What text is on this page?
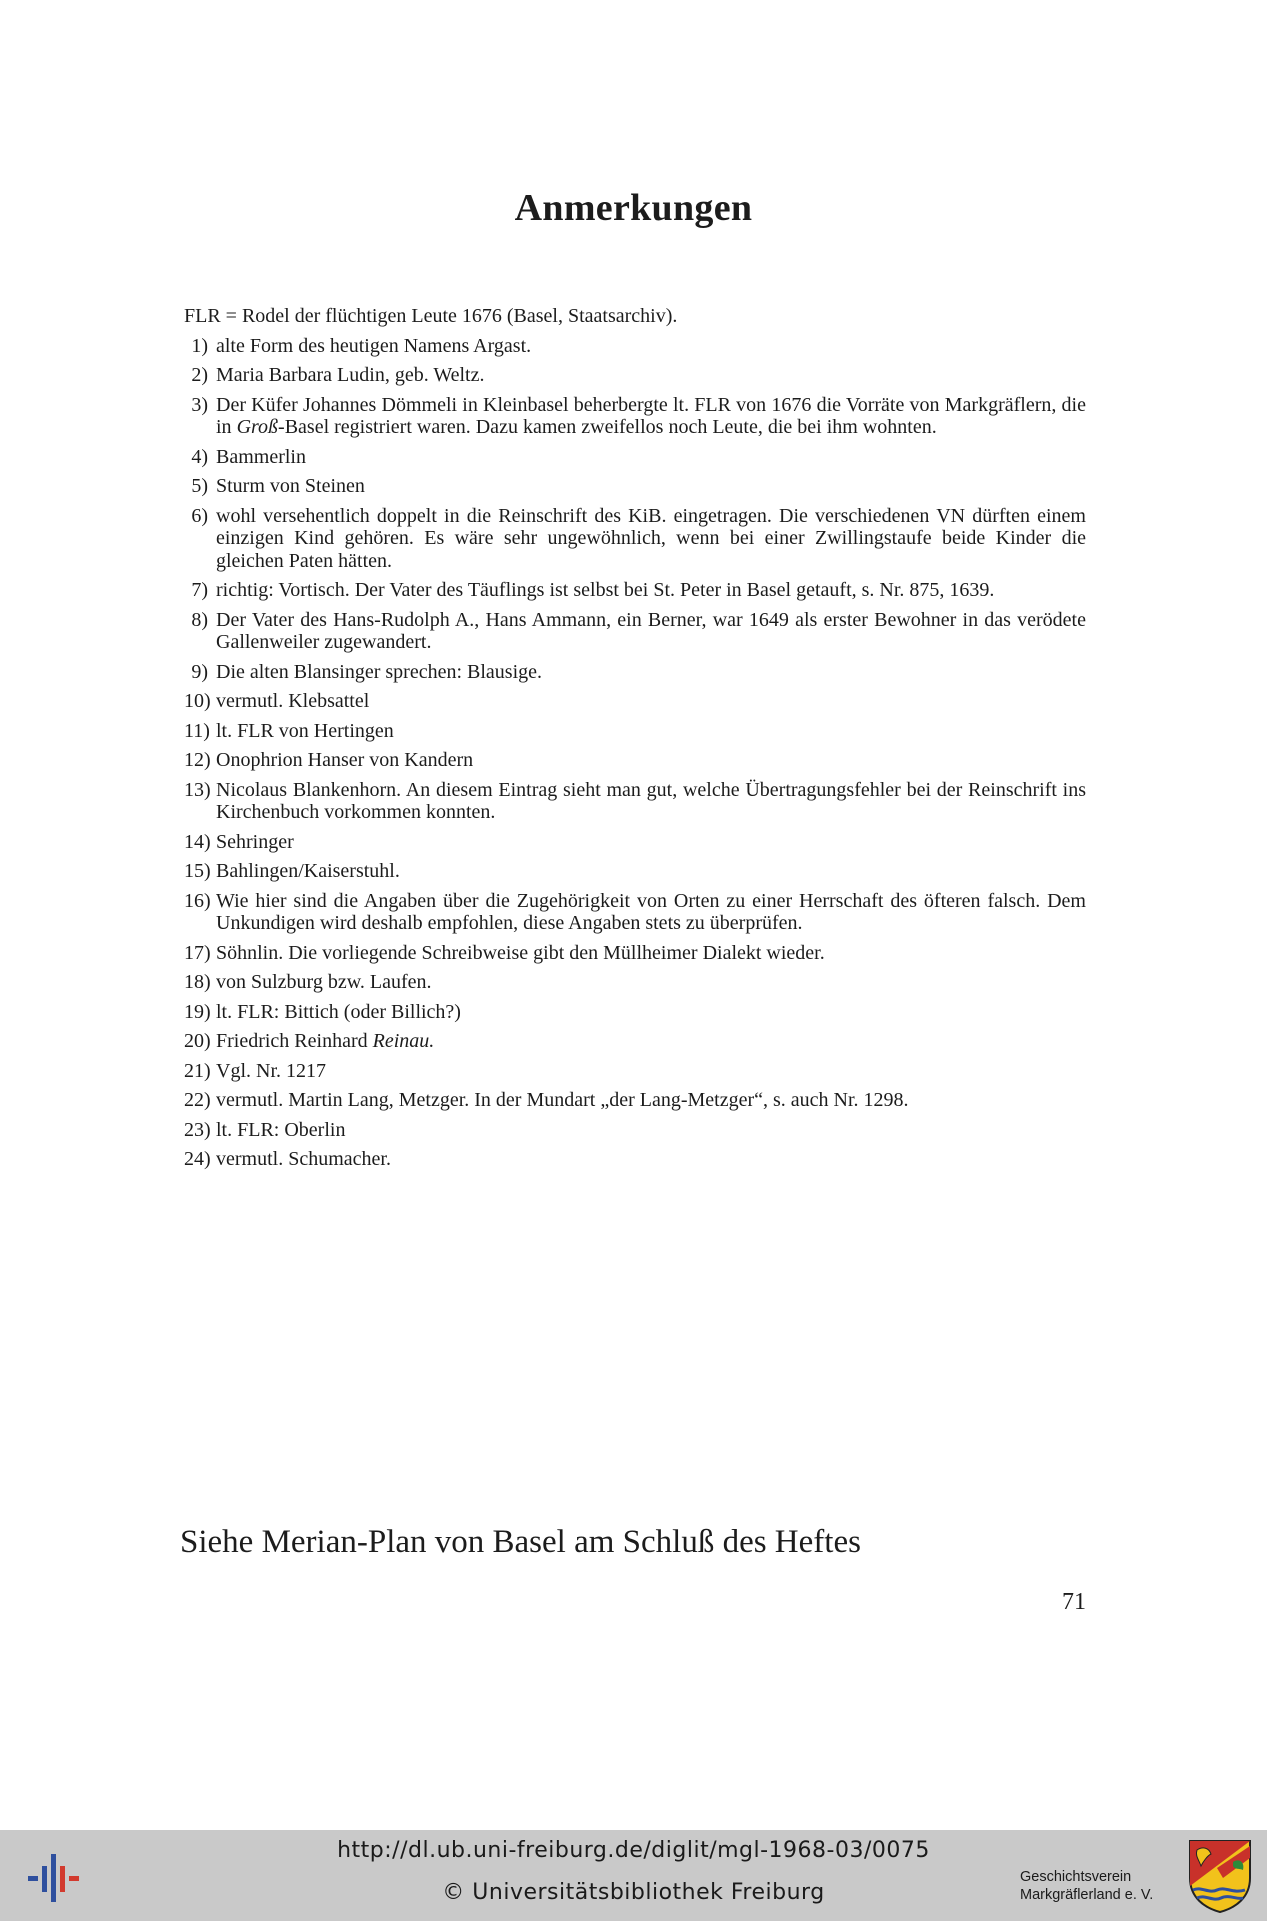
Anmerkungen
FLR = Rodel der flüchtigen Leute 1676 (Basel, Staatsarchiv).
1) alte Form des heutigen Namens Argast.
2) Maria Barbara Ludin, geb. Weltz.
3) Der Küfer Johannes Dömmeli in Kleinbasel beherbergte lt. FLR von 1676 die Vorräte von Markgräflern, die in Groß-Basel registriert waren. Dazu kamen zweifellos noch Leute, die bei ihm wohnten.
4) Bammerlin
5) Sturm von Steinen
6) wohl versehentlich doppelt in die Reinschrift des KiB. eingetragen. Die verschiedenen VN dürften einem einzigen Kind gehören. Es wäre sehr ungewöhnlich, wenn bei einer Zwillingstaufe beide Kinder die gleichen Paten hätten.
7) richtig: Vortisch. Der Vater des Täuflings ist selbst bei St. Peter in Basel getauft, s. Nr. 875, 1639.
8) Der Vater des Hans-Rudolph A., Hans Ammann, ein Berner, war 1649 als erster Bewohner in das verödete Gallenweiler zugewandert.
9) Die alten Blansinger sprechen: Blausige.
10) vermutl. Klebsattel
11) lt. FLR von Hertingen
12) Onophrion Hanser von Kandern
13) Nicolaus Blankenhorn. An diesem Eintrag sieht man gut, welche Übertragungsfehler bei der Reinschrift ins Kirchenbuch vorkommen konnten.
14) Sehringer
15) Bahlingen/Kaiserstuhl.
16) Wie hier sind die Angaben über die Zugehörigkeit von Orten zu einer Herrschaft des öfteren falsch. Dem Unkundigen wird deshalb empfohlen, diese Angaben stets zu überprüfen.
17) Söhnlin. Die vorliegende Schreibweise gibt den Müllheimer Dialekt wieder.
18) von Sulzburg bzw. Laufen.
19) lt. FLR: Bittich (oder Billich?)
20) Friedrich Reinhard Reinau.
21) Vgl. Nr. 1217
22) vermutl. Martin Lang, Metzger. In der Mundart „der Lang-Metzger“, s. auch Nr. 1298.
23) lt. FLR: Oberlin
24) vermutl. Schumacher.
Siehe Merian-Plan von Basel am Schluß des Heftes
71
http://dl.ub.uni-freiburg.de/diglit/mgl-1968-03/0075
© Universitätsbibliothek Freiburg
Geschichtsverein
Markgräflerland e. V.
